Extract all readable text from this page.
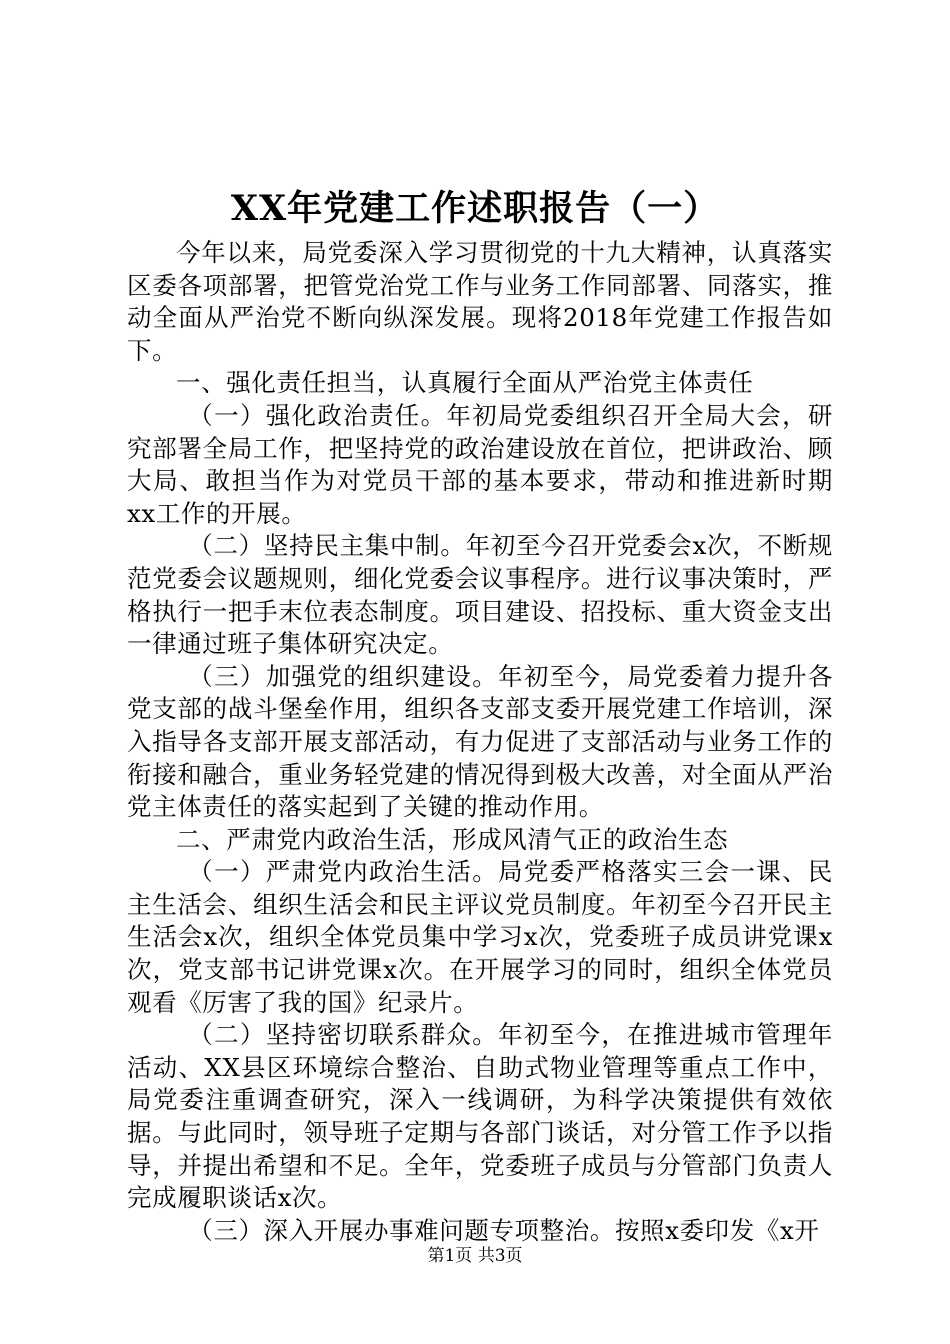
XX年党建工作述职报告（一）

今年以来，局党委深入学习贯彻党的十九大精神，认真落实区委各项部署，把管党治党工作与业务工作同部署、同落实，推动全面从严治党不断向纵深发展。现将2018年党建工作报告如下。

一、强化责任担当，认真履行全面从严治党主体责任

（一）强化政治责任。年初局党委组织召开全局大会，研究部署全局工作，把坚持党的政治建设放在首位，把讲政治、顾大局、敢担当作为对党员干部的基本要求，带动和推进新时期xx工作的开展。

（二）坚持民主集中制。年初至今召开党委会x次，不断规范党委会议题规则，细化党委会议事程序。进行议事决策时，严格执行一把手末位表态制度。项目建设、招投标、重大资金支出一律通过班子集体研究决定。

（三）加强党的组织建设。年初至今，局党委着力提升各党支部的战斗堡垒作用，组织各支部支委开展党建工作培训，深入指导各支部开展支部活动，有力促进了支部活动与业务工作的衔接和融合，重业务轻党建的情况得到极大改善，对全面从严治党主体责任的落实起到了关键的推动作用。

二、严肃党内政治生活，形成风清气正的政治生态

（一）严肃党内政治生活。局党委严格落实三会一课、民主生活会、组织生活会和民主评议党员制度。年初至今召开民主生活会x次，组织全体党员集中学习x次，党委班子成员讲党课x次，党支部书记讲党课x次。在开展学习的同时，组织全体党员观看《厉害了我的国》纪录片。

（二）坚持密切联系群众。年初至今，在推进城市管理年活动、XX县区环境综合整治、自助式物业管理等重点工作中，局党委注重调查研究，深入一线调研，为科学决策提供有效依据。与此同时，领导班子定期与各部门谈话，对分管工作予以指导，并提出希望和不足。全年，党委班子成员与分管部门负责人完成履职谈话x次。

（三）深入开展办事难问题专项整治。按照x委印发《x开

第1页 共3页
